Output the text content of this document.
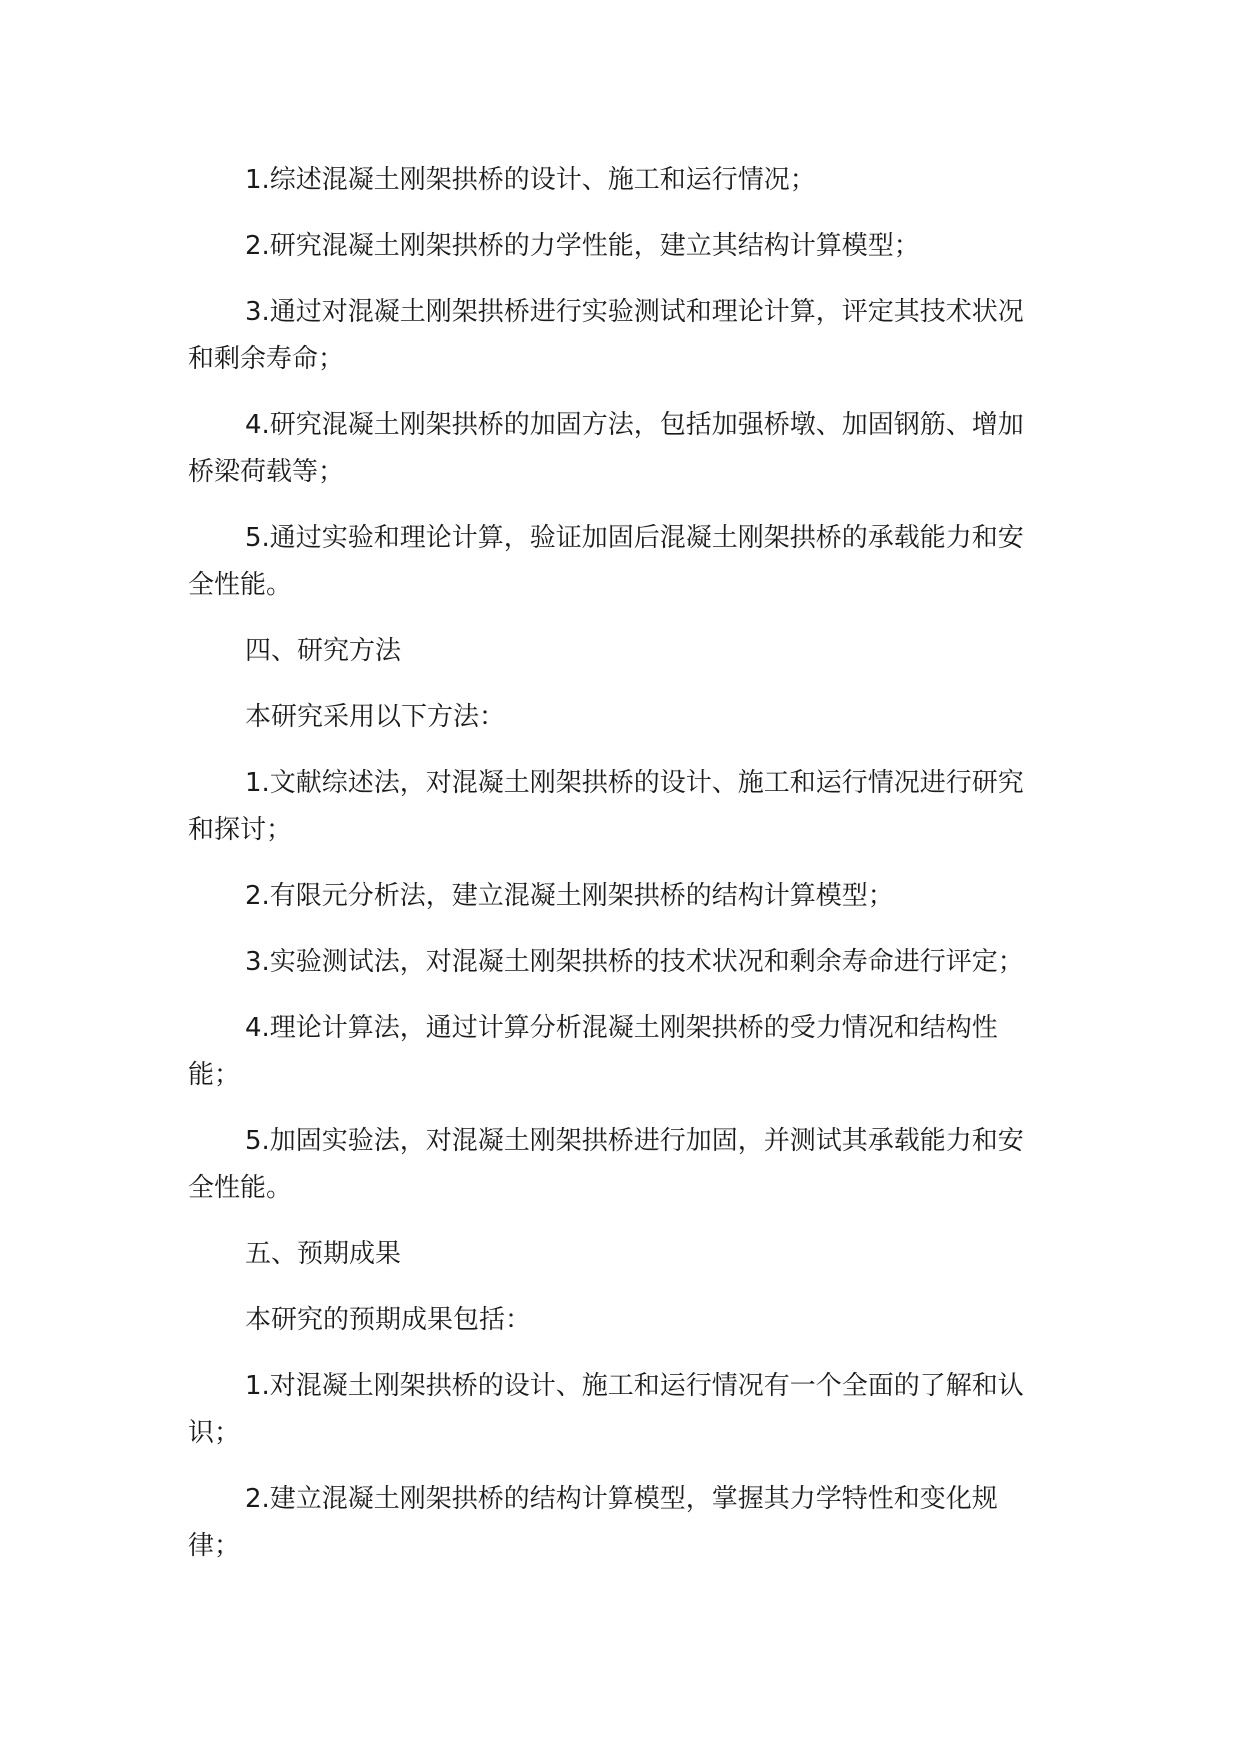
1.综述混凝土刚架拱桥的设计、施工和运行情况；

2.研究混凝土刚架拱桥的力学性能，建立其结构计算模型；

3.通过对混凝土刚架拱桥进行实验测试和理论计算，评定其技术状况和剩余寿命；

4.研究混凝土刚架拱桥的加固方法，包括加强桥墩、加固钢筋、增加桥梁荷载等；

5.通过实验和理论计算，验证加固后混凝土刚架拱桥的承载能力和安全性能。

四、研究方法

本研究采用以下方法：

1.文献综述法，对混凝土刚架拱桥的设计、施工和运行情况进行研究和探讨；

2.有限元分析法，建立混凝土刚架拱桥的结构计算模型；

3.实验测试法，对混凝土刚架拱桥的技术状况和剩余寿命进行评定；

4.理论计算法，通过计算分析混凝土刚架拱桥的受力情况和结构性能；

5.加固实验法，对混凝土刚架拱桥进行加固，并测试其承载能力和安全性能。

五、预期成果

本研究的预期成果包括：

1.对混凝土刚架拱桥的设计、施工和运行情况有一个全面的了解和认识；

2.建立混凝土刚架拱桥的结构计算模型，掌握其力学特性和变化规律；
